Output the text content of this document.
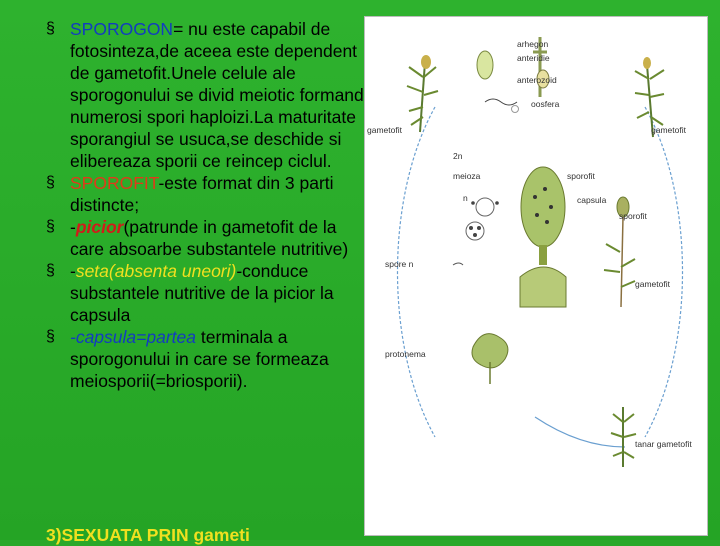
§ SPOROGON= nu este capabil de fotosinteza,de aceea este dependent de gametofit.Unele celule ale sporogonului se divid meiotic formand numerosi spori haploizi.La maturitate sporangiul se usuca,se deschide si elibereaza sporii ce reincep ciclul.

§ SPOROFIT-este format din 3 parti distincte;

§ -picior(patrunde in gametofit de la care absoarbe substantele nutritive)

§ -seta(absenta uneori)-conduce substantele nutritive de la picior la capsula

§ -capsula=partea terminala a sporogonului in care se formeaza meiosporii(=briosporii).

3)SEXUATA PRIN gameti
arhegon
anteridie
anterozoid
oosfera
gametofit	gametofit
sporofit
2n
meioza
capsula
n
sporofit
gametofit
spore n
protonema
tanar gametofit
